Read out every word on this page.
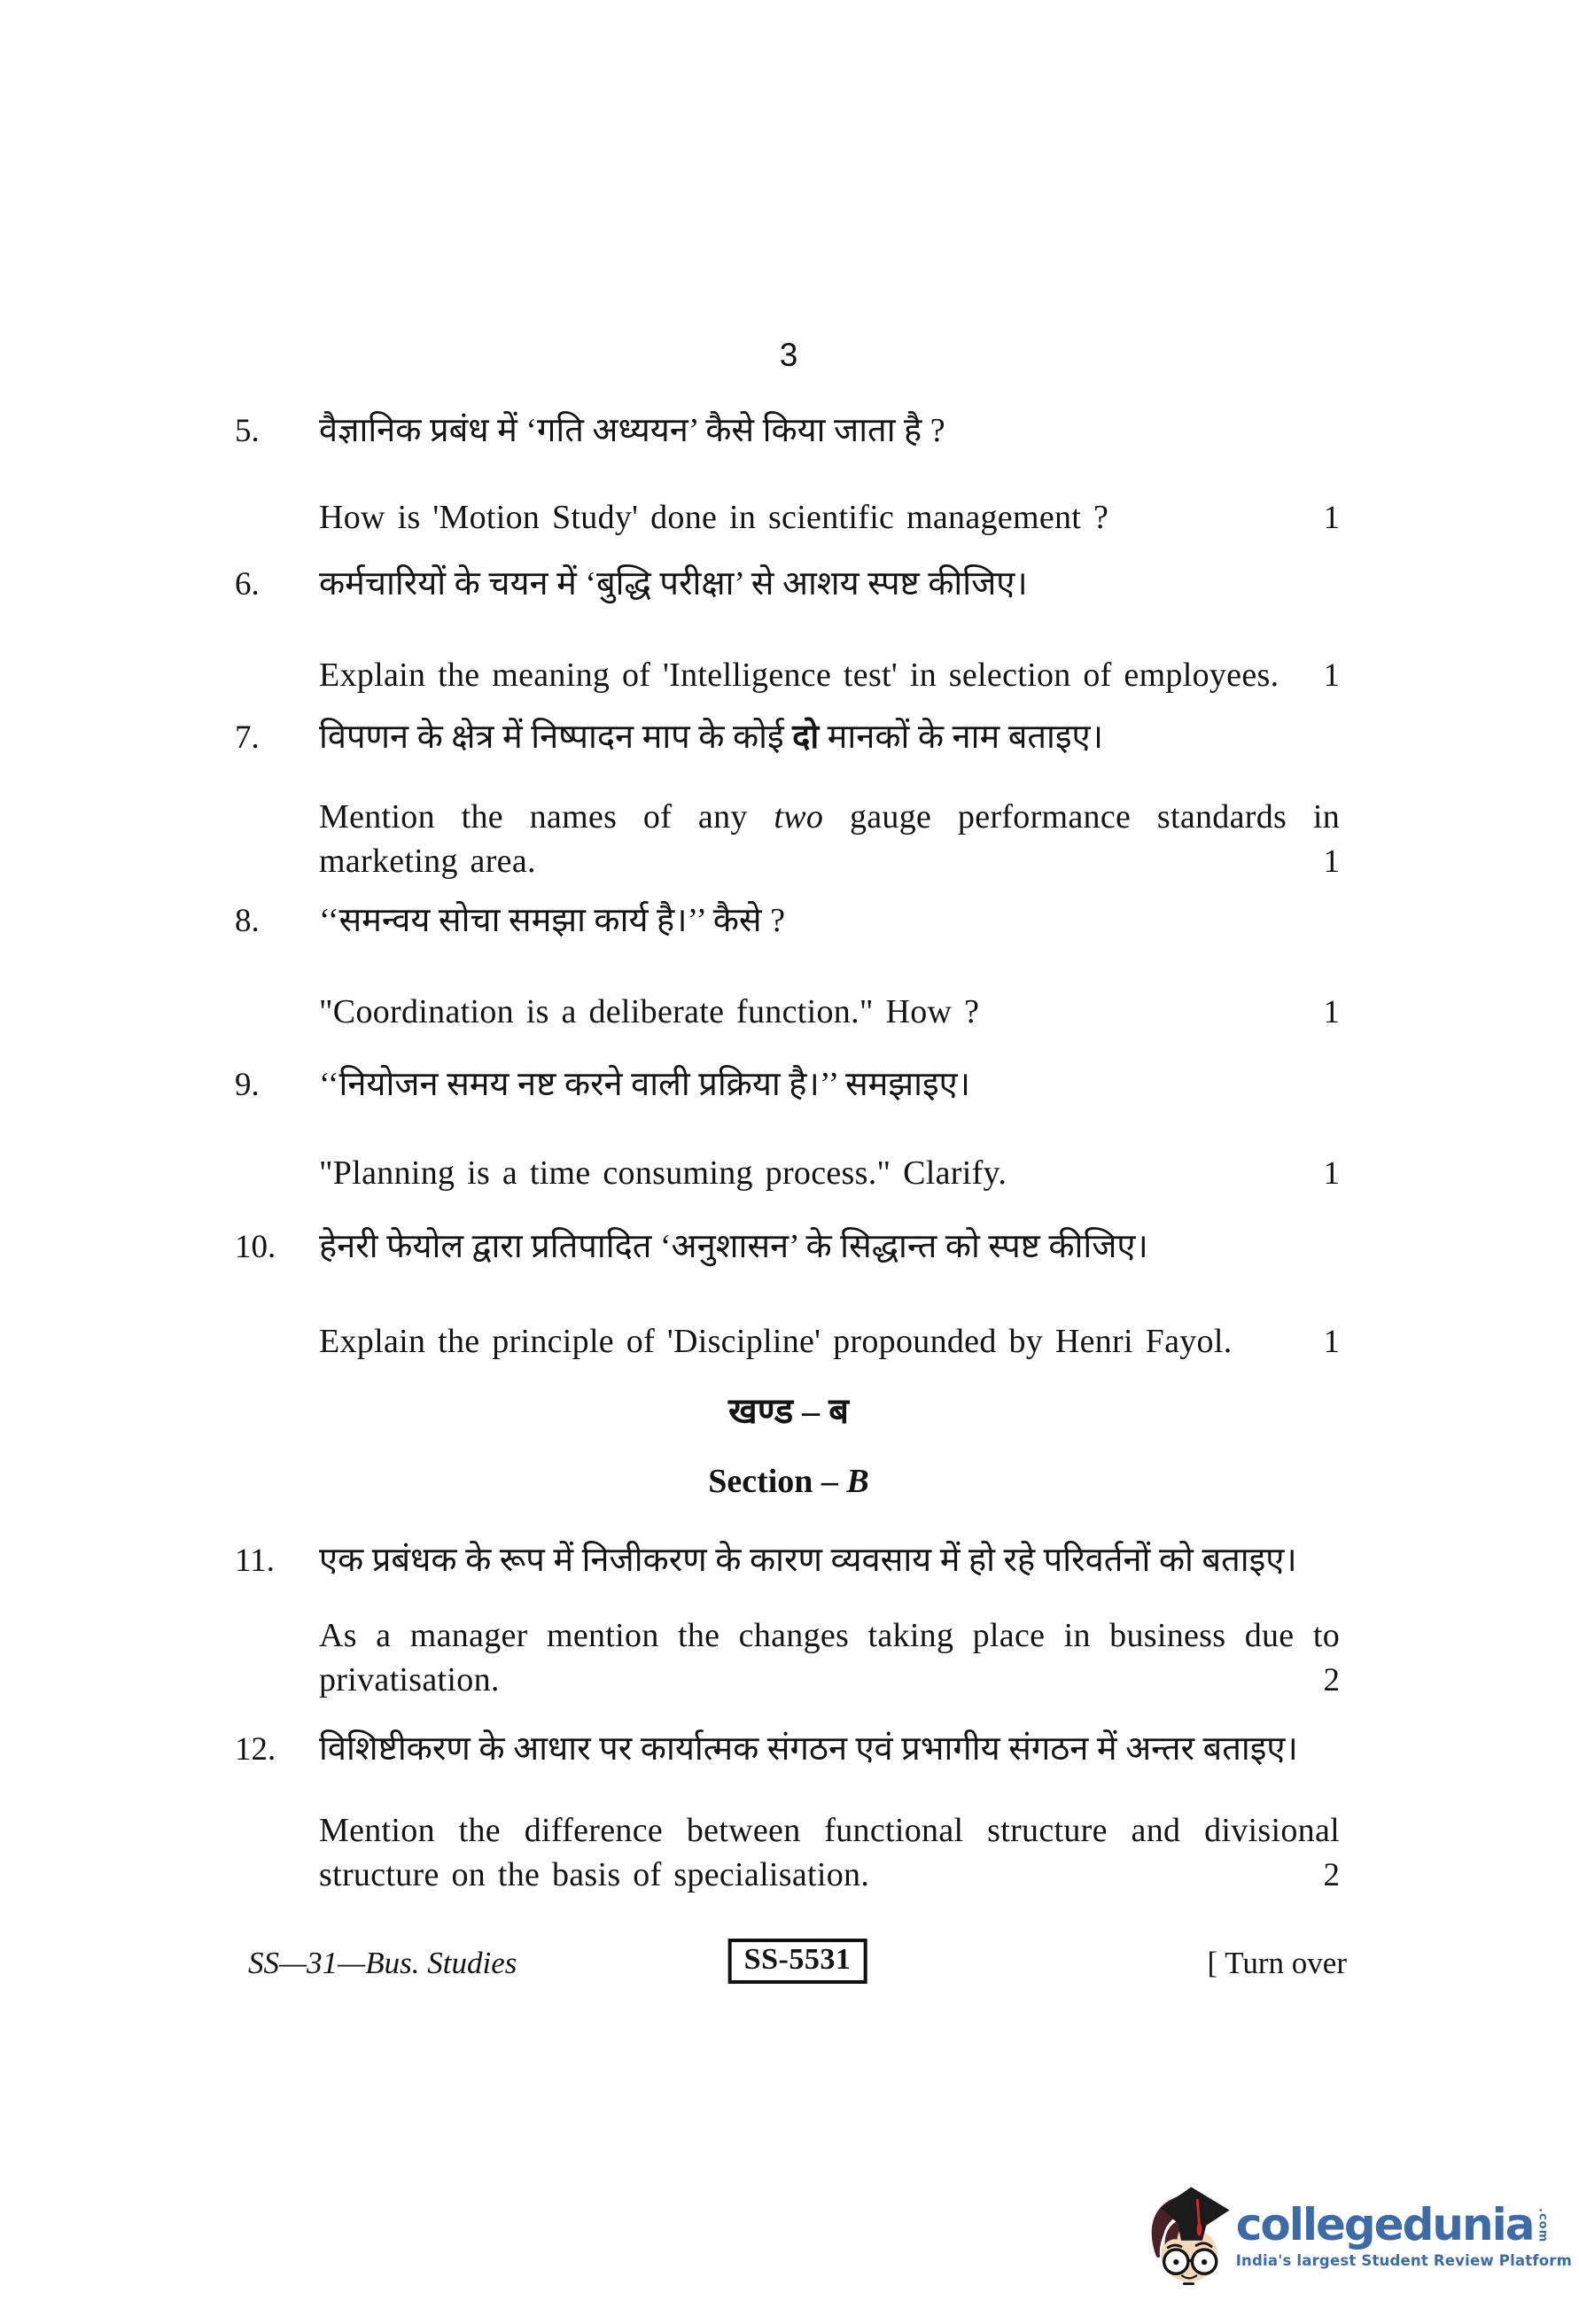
3
5. वैज्ञानिक प्रबंध में ‘गति अध्ययन’ कैसे किया जाता है ?
How is 'Motion Study' done in scientific management ?	1
6. कर्मचारियों के चयन में ‘बुद्धि परीक्षा’ से आशय स्पष्ट कीजिए।
Explain the meaning of 'Intelligence test' in selection of employees. 1
7. विपणन के क्षेत्र में निष्पादन माप के कोई दो मानकों के नाम बताइए।
Mention the names of any two gauge performance standards in
marketing area.	1
8. ‘‘समन्वय सोचा समझा कार्य है।’’ कैसे ?
"Coordination is a deliberate function." How ?	1
9. ‘‘नियोजन समय नष्ट करने वाली प्रक्रिया है।’’ समझाइए।
"Planning is a time consuming process." Clarify.	1
10. हेनरी फेयोल द्वारा प्रतिपादित ‘अनुशासन’ के सिद्धान्त को स्पष्ट कीजिए।
Explain the principle of 'Discipline' propounded by Henri Fayol.	1
खण्ड – ब
Section – B
11. एक प्रबंधक के रूप में निजीकरण के कारण व्यवसाय में हो रहे परिवर्तनों को बताइए।
As a manager mention the changes taking place in business due to
privatisation.	2
12. विशिष्टीकरण के आधार पर कार्यात्मक संगठन एवं प्रभागीय संगठन में अन्तर बताइए।
Mention the difference between functional structure and divisional
structure on the basis of specialisation.	2
SS—31—Bus. Studies	SS-5531	[ Turn over
collegedunia .com
India's largest Student Review Platform
